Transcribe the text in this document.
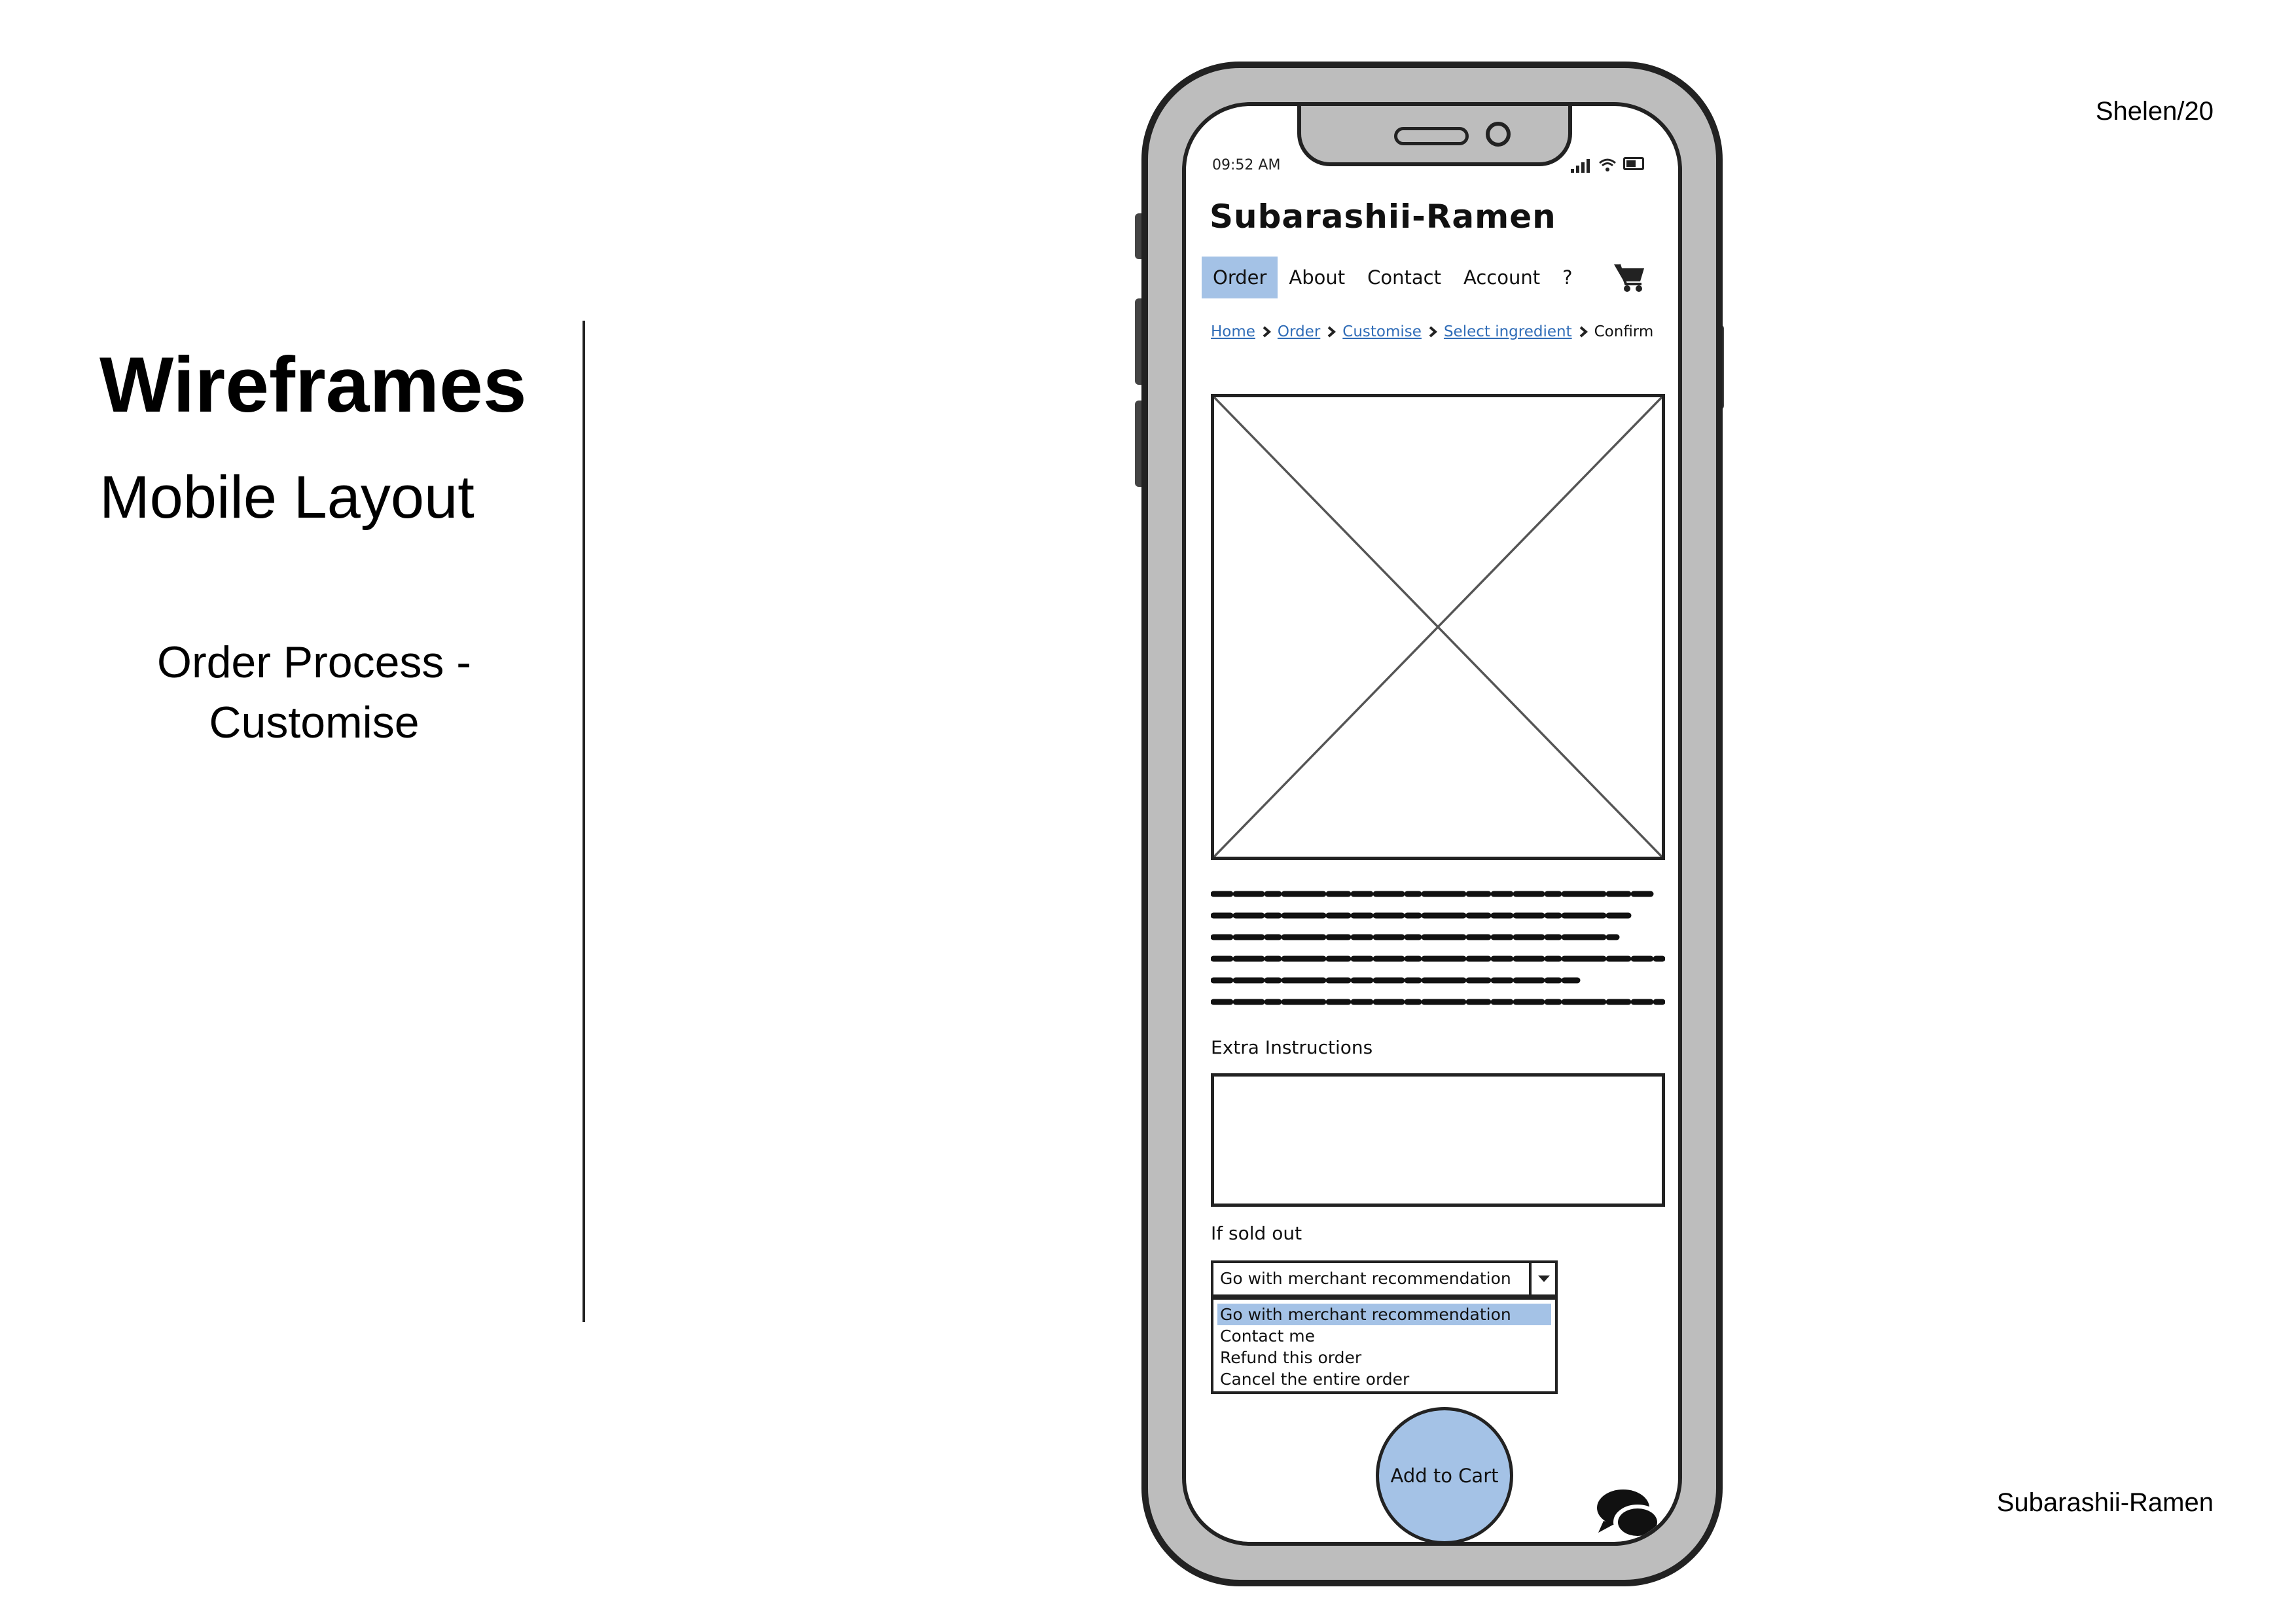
Wireframes
Mobile Layout
Order Process -
Customise
Shelen/20
Subarashii-Ramen
09:52 AM
Subarashii-Ramen
Order	About	Contact	Account	?
Home Order Customise Select ingredient Confirm
Extra Instructions
If sold out
Go with merchant recommendation
Go with merchant recommendation
Contact me
Refund this order
Cancel the entire order
Add to Cart
